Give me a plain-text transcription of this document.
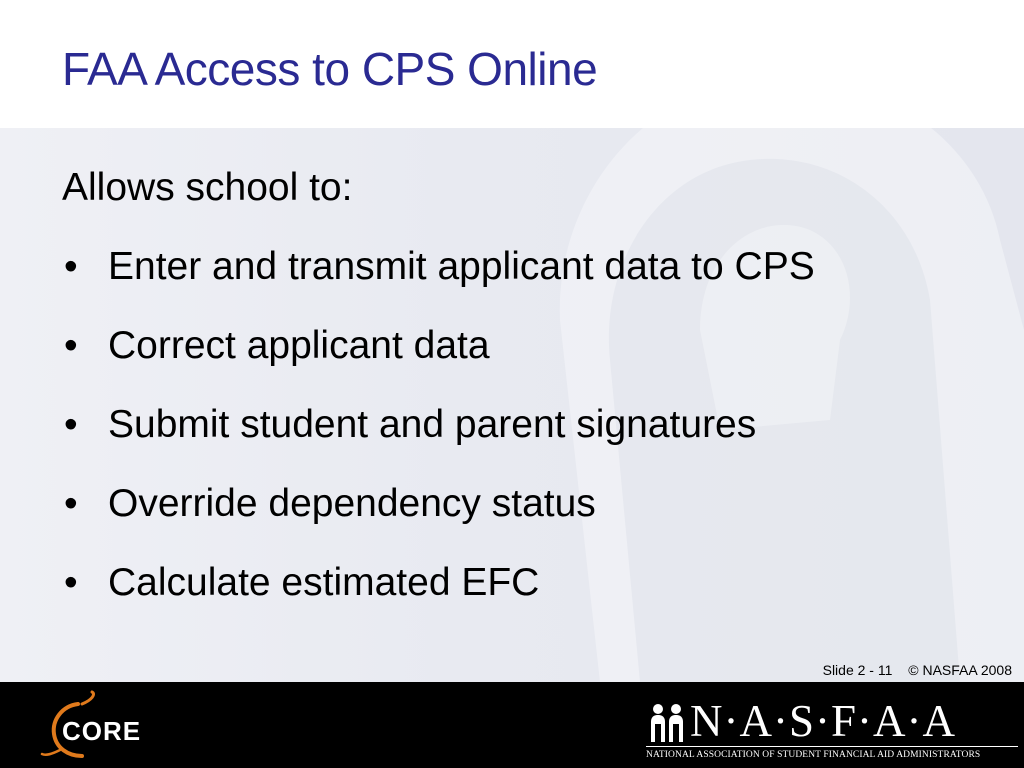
FAA Access to CPS Online

Allows school to:

• Enter and transmit applicant data to CPS
• Correct applicant data
• Submit student and parent signatures
• Override dependency status
• Calculate estimated EFC
Slide 2 - 11 © NASFAA 2008
CORE	N·A·S·F·A·A
NATIONAL ASSOCIATION OF STUDENT FINANCIAL AID ADMINISTRATORS
